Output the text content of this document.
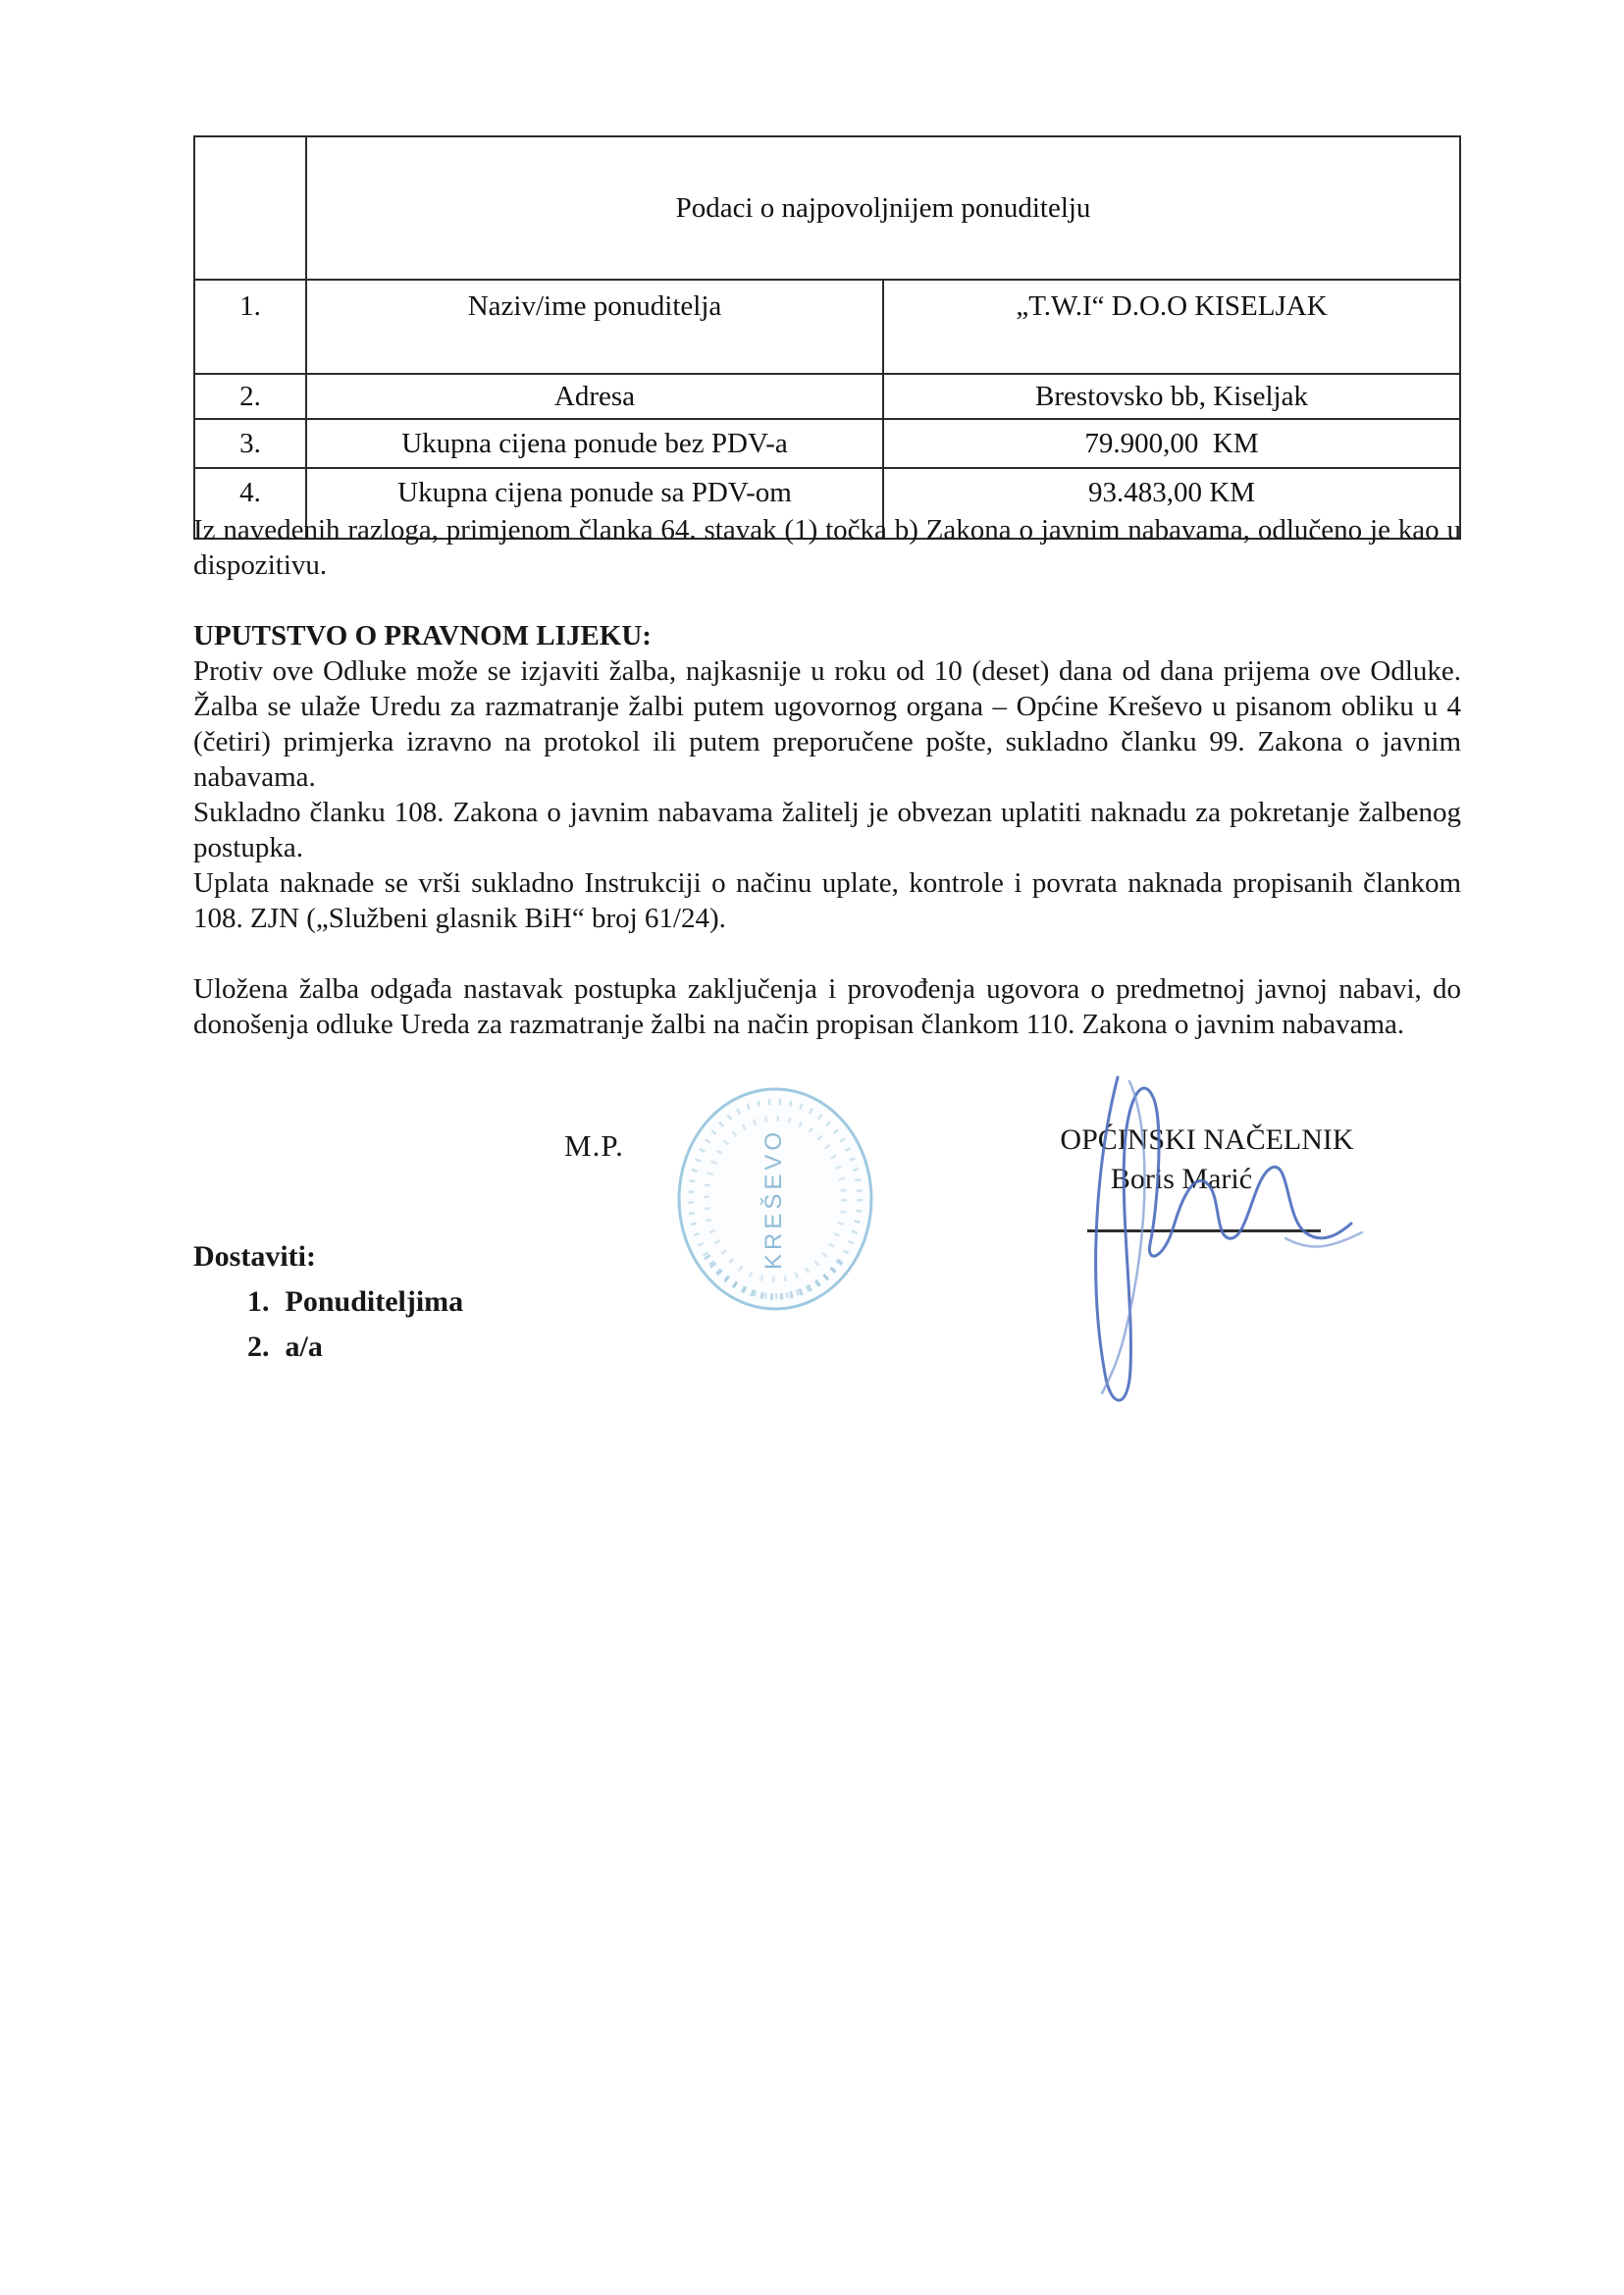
	Podaci o najpovoljnijem ponuditelju	
1.	Naziv/ime ponuditelja	„T.W.I“ D.O.O KISELJAK
2.	Adresa	Brestovsko bb, Kiseljak
3.	Ukupna cijena ponude bez PDV-a	79.900,00  KM
4.	Ukupna cijena ponude sa PDV-om	93.483,00 KM

Iz navedenih razloga, primjenom članka 64. stavak (1) točka b) Zakona o javnim nabavama, odlučeno je kao u dispozitivu.

UPUTSTVO O PRAVNOM LIJEKU:

Protiv ove Odluke može se izjaviti žalba, najkasnije u roku od 10 (deset) dana od dana prijema ove Odluke. Žalba se ulaže Uredu za razmatranje žalbi putem ugovornog organa – Općine Kreševo u pisanom obliku u 4 (četiri) primjerka izravno na protokol ili putem preporučene pošte, sukladno članku 99. Zakona o javnim nabavama.

Sukladno članku 108. Zakona o javnim nabavama žalitelj je obvezan uplatiti naknadu za pokretanje žalbenog postupka.

Uplata naknade se vrši sukladno Instrukciji o načinu uplate, kontrole i povrata naknada propisanih člankom 108. ZJN („Službeni glasnik BiH“ broj 61/24).

Uložena žalba odgađa nastavak postupka zaključenja i provođenja ugovora o predmetnoj javnoj nabavi, do donošenja odluke Ureda za razmatranje žalbi na način propisan člankom 110. Zakona o javnim nabavama.

M.P.	KREŠEVO	OPĆINSKI NAČELNIK
Boris Marić
Dostaviti:
1. Ponuditeljima
2. a/a
